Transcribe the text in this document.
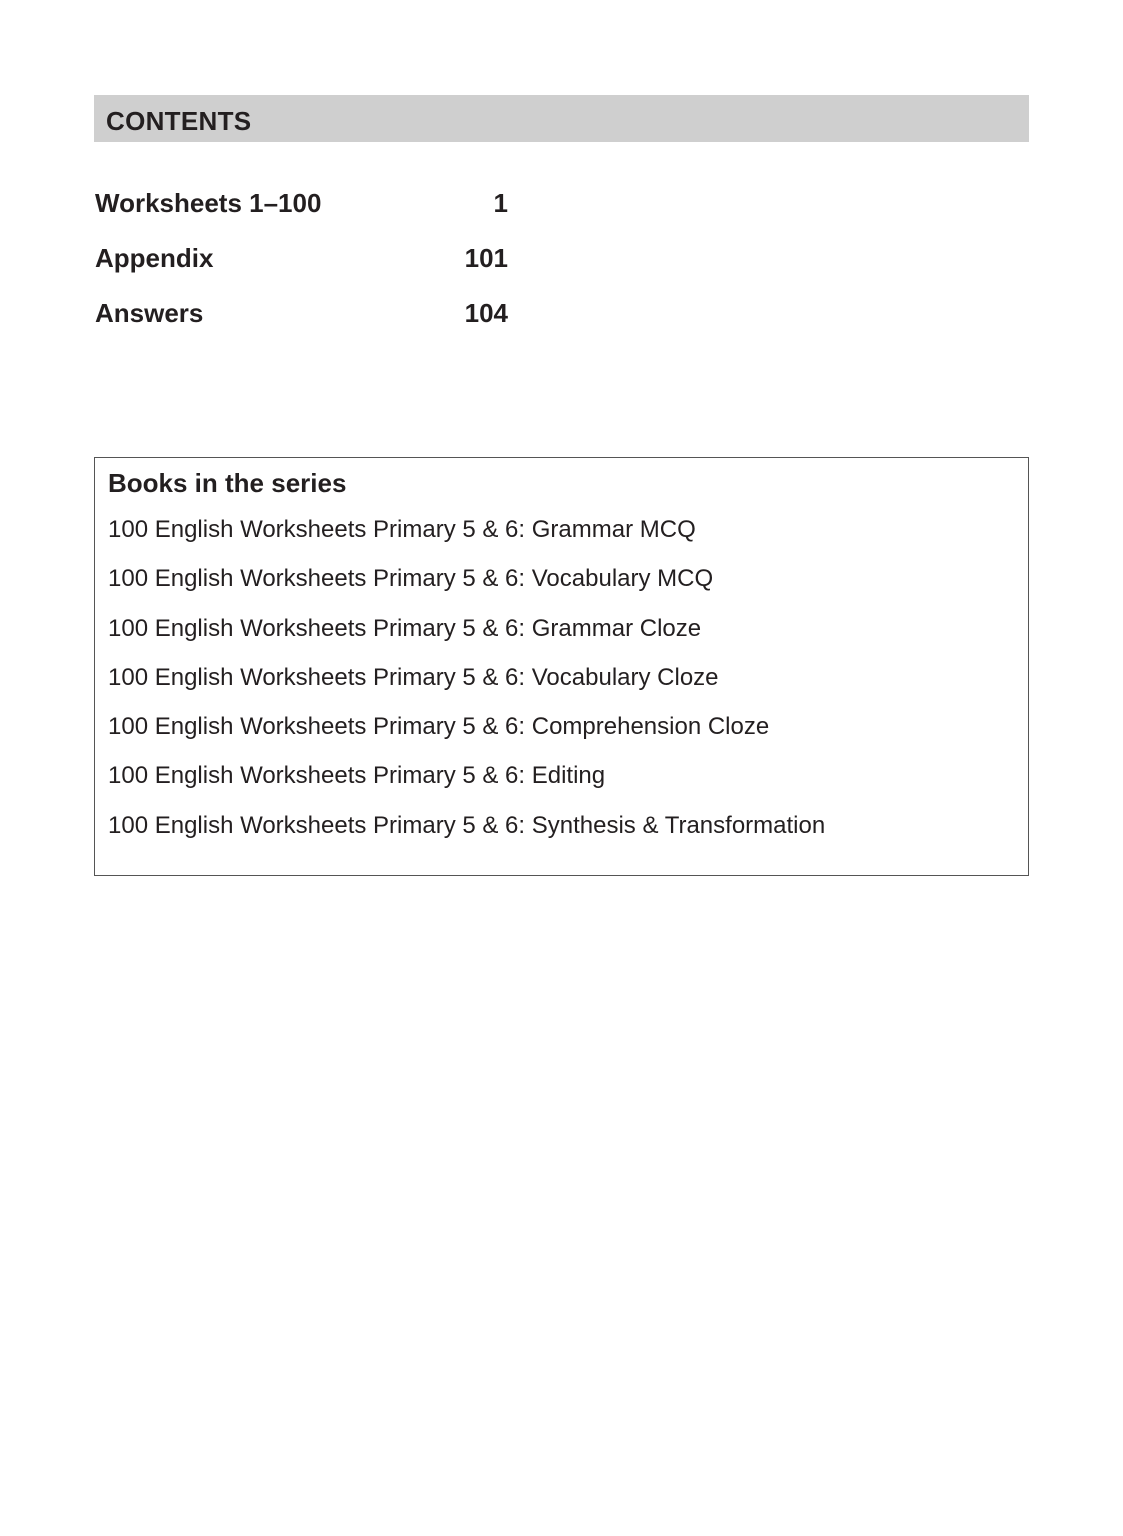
CONTENTS
Worksheets 1–100	1
Appendix	101
Answers	104
Books in the series
100 English Worksheets Primary 5 & 6: Grammar MCQ
100 English Worksheets Primary 5 & 6: Vocabulary MCQ
100 English Worksheets Primary 5 & 6: Grammar Cloze
100 English Worksheets Primary 5 & 6: Vocabulary Cloze
100 English Worksheets Primary 5 & 6: Comprehension Cloze
100 English Worksheets Primary 5 & 6: Editing
100 English Worksheets Primary 5 & 6: Synthesis & Transformation
